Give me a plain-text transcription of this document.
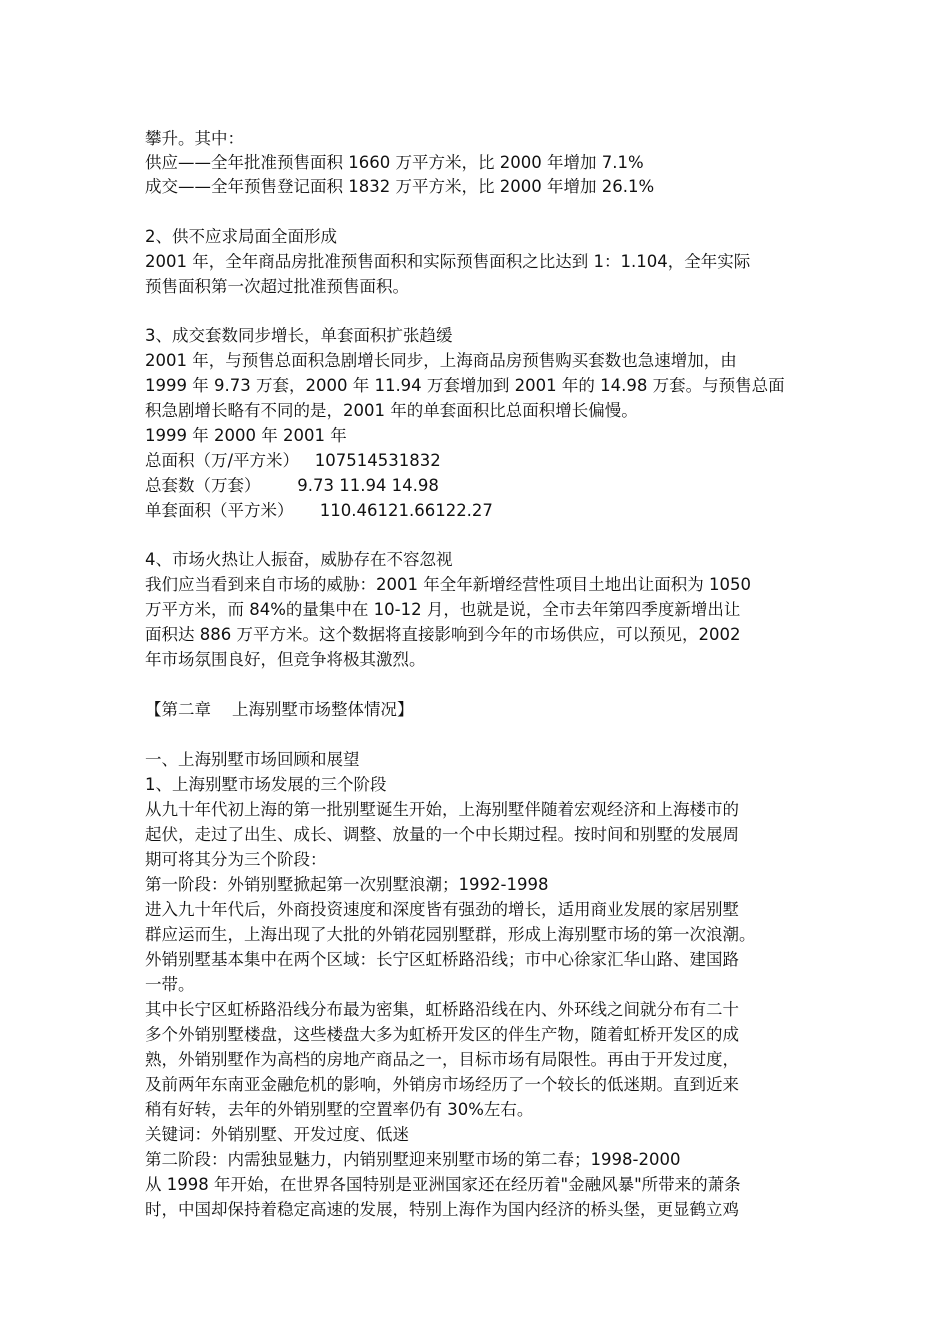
攀升。其中：
供应——全年批准预售面积 1660 万平方米，比 2000 年增加 7.1%
成交——全年预售登记面积 1832 万平方米，比 2000 年增加 26.1%
2、供不应求局面全面形成
2001 年，全年商品房批准预售面积和实际预售面积之比达到 1：1.104，全年实际
预售面积第一次超过批准预售面积。
3、成交套数同步增长，单套面积扩张趋缓
2001 年，与预售总面积急剧增长同步，上海商品房预售购买套数也急速增加，由
1999 年 9.73 万套，2000 年 11.94 万套增加到 2001 年的 14.98 万套。与预售总面
积急剧增长略有不同的是，2001 年的单套面积比总面积增长偏慢。
1999 年 2000 年 2001 年
总面积（万/平方米）   107514531832
总套数（万套）       9.73 11.94 14.98
单套面积（平方米）     110.46121.66122.27
4、市场火热让人振奋，威胁存在不容忽视
我们应当看到来自市场的威胁：2001 年全年新增经营性项目土地出让面积为 1050
万平方米，而 84%的量集中在 10-12 月，也就是说，全市去年第四季度新增出让
面积达 886 万平方米。这个数据将直接影响到今年的市场供应，可以预见，2002
年市场氛围良好，但竞争将极其激烈。
【第二章    上海别墅市场整体情况】
一、上海别墅市场回顾和展望
1、上海别墅市场发展的三个阶段
从九十年代初上海的第一批别墅诞生开始，上海别墅伴随着宏观经济和上海楼市的
起伏，走过了出生、成长、调整、放量的一个中长期过程。按时间和别墅的发展周
期可将其分为三个阶段：
第一阶段：外销别墅掀起第一次别墅浪潮；1992-1998
进入九十年代后，外商投资速度和深度皆有强劲的增长，适用商业发展的家居别墅
群应运而生，上海出现了大批的外销花园别墅群，形成上海别墅市场的第一次浪潮。
外销别墅基本集中在两个区域：长宁区虹桥路沿线；市中心徐家汇华山路、建国路
一带。
其中长宁区虹桥路沿线分布最为密集，虹桥路沿线在内、外环线之间就分布有二十
多个外销别墅楼盘，这些楼盘大多为虹桥开发区的伴生产物，随着虹桥开发区的成
熟，外销别墅作为高档的房地产商品之一，目标市场有局限性。再由于开发过度，
及前两年东南亚金融危机的影响，外销房市场经历了一个较长的低迷期。直到近来
稍有好转，去年的外销别墅的空置率仍有 30%左右。
关键词：外销别墅、开发过度、低迷
第二阶段：内需独显魅力，内销别墅迎来别墅市场的第二春；1998-2000
从 1998 年开始，在世界各国特别是亚洲国家还在经历着"金融风暴"所带来的萧条
时，中国却保持着稳定高速的发展，特别上海作为国内经济的桥头堡，更显鹤立鸡
